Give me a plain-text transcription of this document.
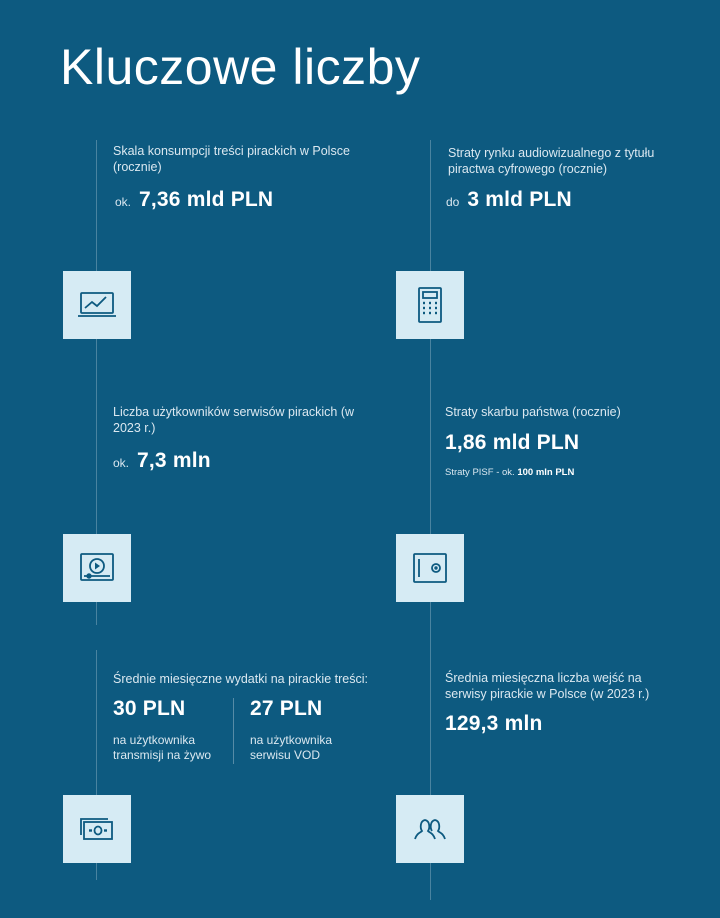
Kluczowe liczby
Skala konsumpcji treści pirackich w Polsce (rocznie)
ok. 7,36 mld PLN
Straty rynku audiowizualnego z tytułu piractwa cyfrowego (rocznie)
do 3 mld PLN
Liczba użytkowników serwisów pirackich (w 2023 r.)
ok. 7,3 mln
Straty skarbu państwa (rocznie)
1,86 mld PLN
Straty PISF - ok. 100 mln PLN
Średnie miesięczne wydatki na pirackie treści:
30 PLN
na użytkownika
transmisji na żywo
27 PLN
na użytkownika
serwisu VOD
Średnia miesięczna liczba wejść na serwisy pirackie w Polsce (w 2023 r.)
129,3 mln
